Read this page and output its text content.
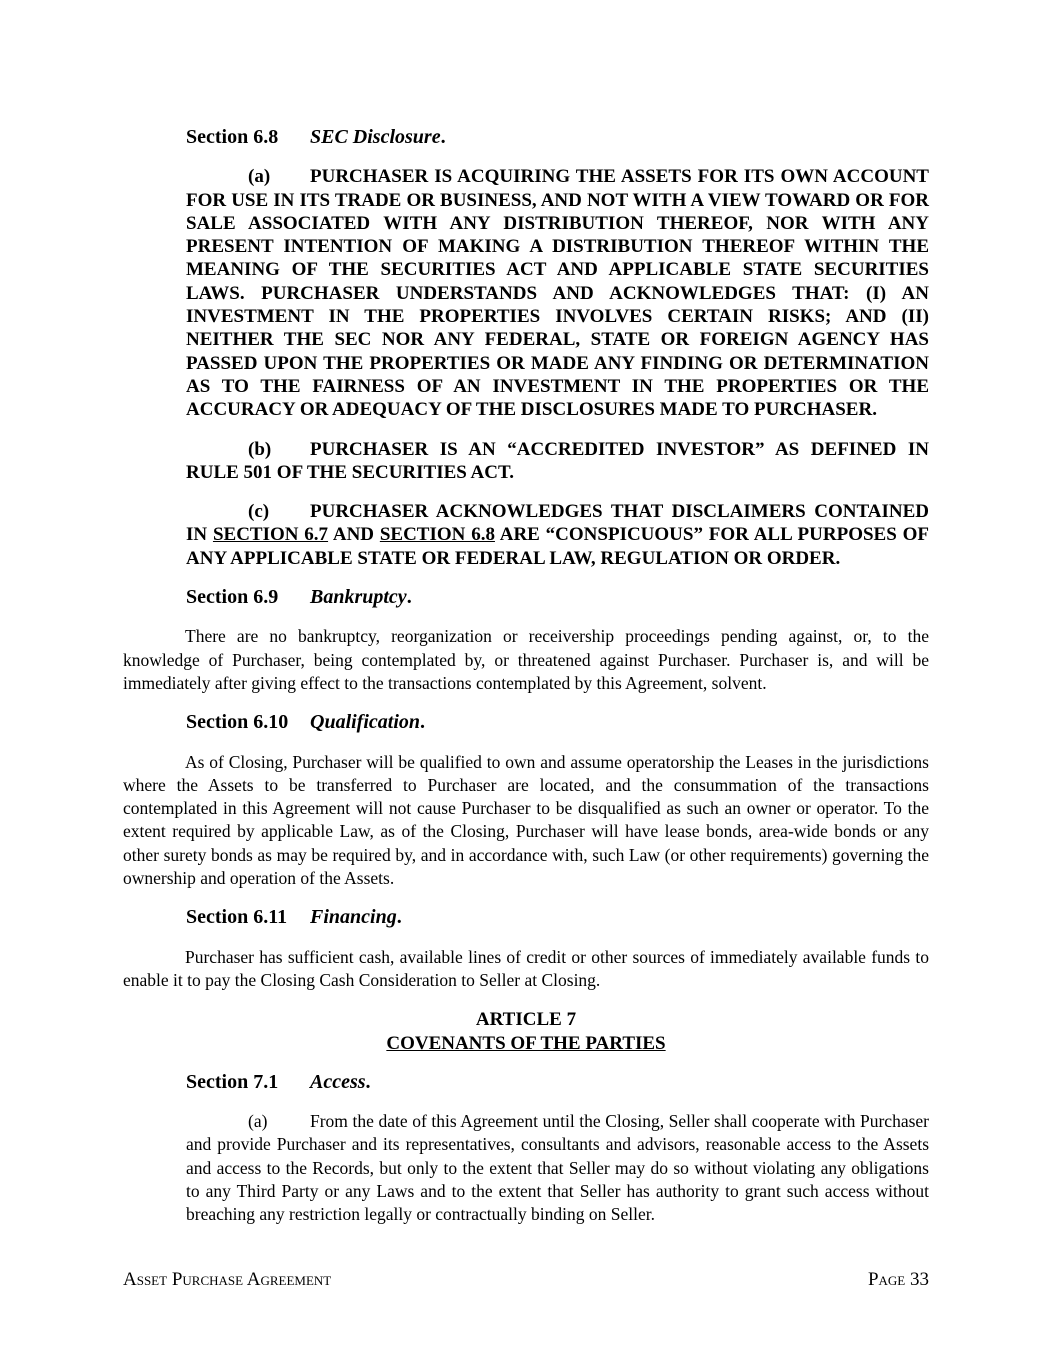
Section 6.8 SEC Disclosure.

(a) PURCHASER IS ACQUIRING THE ASSETS FOR ITS OWN ACCOUNT FOR USE IN ITS TRADE OR BUSINESS, AND NOT WITH A VIEW TOWARD OR FOR SALE ASSOCIATED WITH ANY DISTRIBUTION THEREOF, NOR WITH ANY PRESENT INTENTION OF MAKING A DISTRIBUTION THEREOF WITHIN THE MEANING OF THE SECURITIES ACT AND APPLICABLE STATE SECURITIES LAWS. PURCHASER UNDERSTANDS AND ACKNOWLEDGES THAT: (I) AN INVESTMENT IN THE PROPERTIES INVOLVES CERTAIN RISKS; AND (II) NEITHER THE SEC NOR ANY FEDERAL, STATE OR FOREIGN AGENCY HAS PASSED UPON THE PROPERTIES OR MADE ANY FINDING OR DETERMINATION AS TO THE FAIRNESS OF AN INVESTMENT IN THE PROPERTIES OR THE ACCURACY OR ADEQUACY OF THE DISCLOSURES MADE TO PURCHASER.

(b) PURCHASER IS AN “ACCREDITED INVESTOR” AS DEFINED IN RULE 501 OF THE SECURITIES ACT.

(c) PURCHASER ACKNOWLEDGES THAT DISCLAIMERS CONTAINED IN SECTION 6.7 AND SECTION 6.8 ARE “CONSPICUOUS” FOR ALL PURPOSES OF ANY APPLICABLE STATE OR FEDERAL LAW, REGULATION OR ORDER.

Section 6.9 Bankruptcy.

There are no bankruptcy, reorganization or receivership proceedings pending against, or, to the knowledge of Purchaser, being contemplated by, or threatened against Purchaser. Purchaser is, and will be immediately after giving effect to the transactions contemplated by this Agreement, solvent.

Section 6.10 Qualification.

As of Closing, Purchaser will be qualified to own and assume operatorship the Leases in the jurisdictions where the Assets to be transferred to Purchaser are located, and the consummation of the transactions contemplated in this Agreement will not cause Purchaser to be disqualified as such an owner or operator. To the extent required by applicable Law, as of the Closing, Purchaser will have lease bonds, area-wide bonds or any other surety bonds as may be required by, and in accordance with, such Law (or other requirements) governing the ownership and operation of the Assets.

Section 6.11 Financing.

Purchaser has sufficient cash, available lines of credit or other sources of immediately available funds to enable it to pay the Closing Cash Consideration to Seller at Closing.

ARTICLE 7
COVENANTS OF THE PARTIES
Section 7.1 Access.

(a) From the date of this Agreement until the Closing, Seller shall cooperate with Purchaser and provide Purchaser and its representatives, consultants and advisors, reasonable access to the Assets and access to the Records, but only to the extent that Seller may do so without violating any obligations to any Third Party or any Laws and to the extent that Seller has authority to grant such access without breaching any restriction legally or contractually binding on Seller.

Asset Purchase Agreement	Page 33
